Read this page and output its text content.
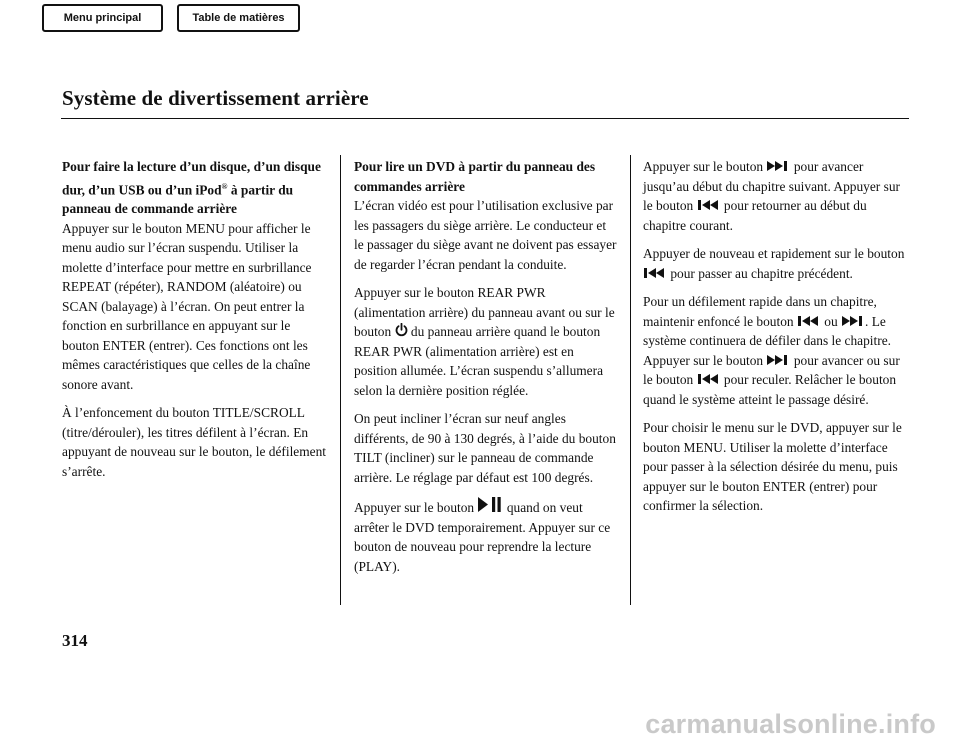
Menu principal	Table de matières
Système de divertissement arrière
Pour faire la lecture d’un disque, d’un disque dur, d’un USB ou d’un iPod® à partir du panneau de commande arrière

Appuyer sur le bouton MENU pour afficher le menu audio sur l’écran suspendu. Utiliser la molette d’interface pour mettre en surbrillance REPEAT (répéter), RANDOM (aléatoire) ou SCAN (balayage) à l’écran. On peut entrer la fonction en surbrillance en appuyant sur le bouton ENTER (entrer). Ces fonctions ont les mêmes caractéristiques que celles de la chaîne sonore avant.

À l’enfoncement du bouton TITLE/SCROLL (titre/dérouler), les titres défilent à l’écran. En appuyant de nouveau sur le bouton, le défilement s’arrête.

Pour lire un DVD à partir du panneau des commandes arrière

L’écran vidéo est pour l’utilisation exclusive par les passagers du siège arrière. Le conducteur et le passager du siège avant ne doivent pas essayer de regarder l’écran pendant la conduite.

Appuyer sur le bouton REAR PWR (alimentation arrière) du panneau avant ou sur le bouton
du panneau arrière quand le bouton REAR PWR (alimentation arrière) est en position allumée. L’écran suspendu s’allumera selon la dernière position réglée.

On peut incliner l’écran sur neuf angles différents, de 90 à 130 degrés, à l’aide du bouton TILT (incliner) sur le panneau de commande arrière. Le réglage par défaut est 100 degrés.

Appuyer sur le bouton
quand on veut arrêter le DVD temporairement. Appuyer sur ce bouton de nouveau pour reprendre la lecture (PLAY).

Appuyer sur le bouton
pour avancer jusqu’au début du chapitre suivant. Appuyer sur le bouton
pour retourner au début du chapitre courant.

Appuyer de nouveau et rapidement sur le bouton
pour passer au chapitre précédent.

Pour un défilement rapide dans un chapitre, maintenir enfoncé le bouton
ou
. Le système continuera de défiler dans le chapitre. Appuyer sur le bouton
pour avancer ou sur le bouton
pour reculer. Relâcher le bouton quand le système atteint le passage désiré.

Pour choisir le menu sur le DVD, appuyer sur le bouton MENU. Utiliser la molette d’interface pour passer à la sélection désirée du menu, puis appuyer sur le bouton ENTER (entrer) pour confirmer la sélection.

314
carmanualsonline.info
